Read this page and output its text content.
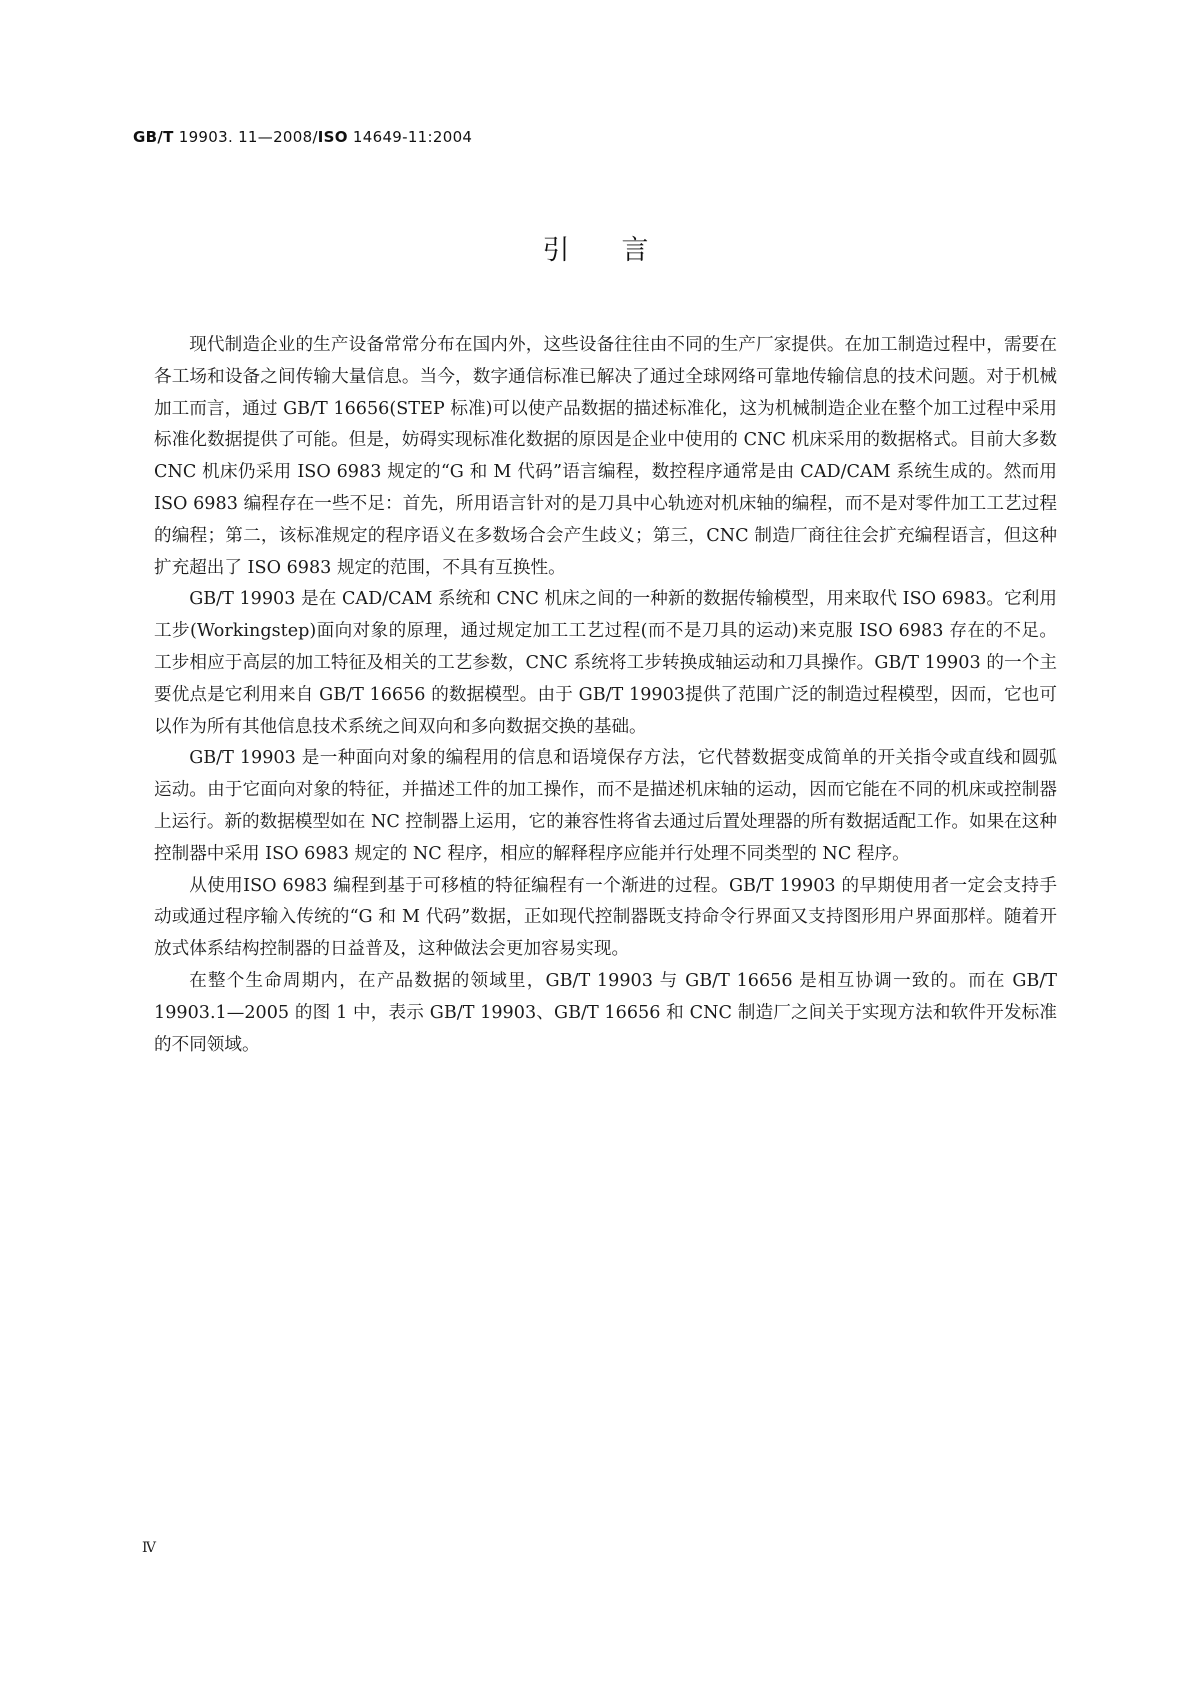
GB/T 19903. 11—2008/ISO 14649-11:2004
引言

现代制造企业的生产设备常常分布在国内外，这些设备往往由不同的生产厂家提供。在加工制造过程中，需要在各工场和设备之间传输大量信息。当今，数字通信标准已解决了通过全球网络可靠地传输信息的技术问题。对于机械加工而言，通过 GB/T 16656(STEP 标准)可以使产品数据的描述标准化，这为机械制造企业在整个加工过程中采用标准化数据提供了可能。但是，妨碍实现标准化数据的原因是企业中使用的 CNC 机床采用的数据格式。目前大多数 CNC 机床仍采用 ISO 6983 规定的“G 和 M 代码”语言编程，数控程序通常是由 CAD/CAM 系统生成的。然而用 ISO 6983 编程存在一些不足：首先，所用语言针对的是刀具中心轨迹对机床轴的编程，而不是对零件加工工艺过程的编程；第二，该标准规定的程序语义在多数场合会产生歧义；第三，CNC 制造厂商往往会扩充编程语言，但这种扩充超出了 ISO 6983 规定的范围，不具有互换性。

GB/T 19903 是在 CAD/CAM 系统和 CNC 机床之间的一种新的数据传输模型，用来取代 ISO 6983。它利用工步(Workingstep)面向对象的原理，通过规定加工工艺过程(而不是刀具的运动)来克服 ISO 6983 存在的不足。工步相应于高层的加工特征及相关的工艺参数，CNC 系统将工步转换成轴运动和刀具操作。GB/T 19903 的一个主要优点是它利用来自 GB/T 16656 的数据模型。由于 GB/T 19903提供了范围广泛的制造过程模型，因而，它也可以作为所有其他信息技术系统之间双向和多向数据交换的基础。

GB/T 19903 是一种面向对象的编程用的信息和语境保存方法，它代替数据变成简单的开关指令或直线和圆弧运动。由于它面向对象的特征，并描述工件的加工操作，而不是描述机床轴的运动，因而它能在不同的机床或控制器上运行。新的数据模型如在 NC 控制器上运用，它的兼容性将省去通过后置处理器的所有数据适配工作。如果在这种控制器中采用 ISO 6983 规定的 NC 程序，相应的解释程序应能并行处理不同类型的 NC 程序。

从使用ISO 6983 编程到基于可移植的特征编程有一个渐进的过程。GB/T 19903 的早期使用者一定会支持手动或通过程序输入传统的“G 和 M 代码”数据，正如现代控制器既支持命令行界面又支持图形用户界面那样。随着开放式体系结构控制器的日益普及，这种做法会更加容易实现。

在整个生命周期内，在产品数据的领域里，GB/T 19903 与 GB/T 16656 是相互协调一致的。而在 GB/T 19903.1—2005 的图 1 中，表示 GB/T 19903、GB/T 16656 和 CNC 制造厂之间关于实现方法和软件开发标准的不同领域。

Ⅳ
